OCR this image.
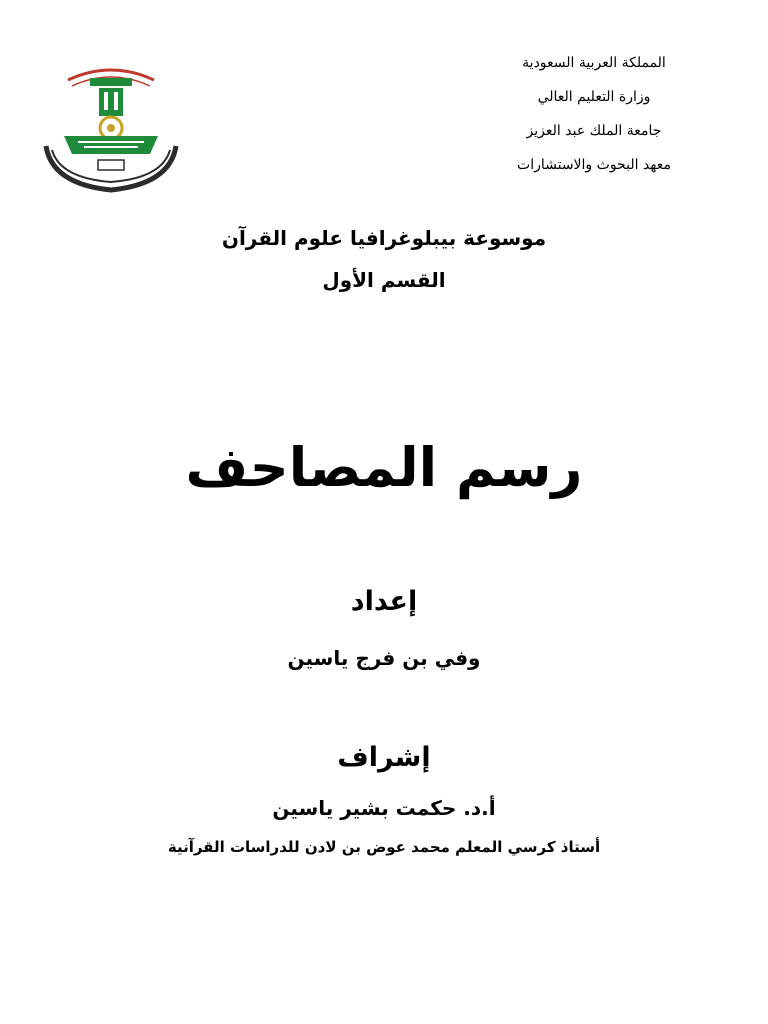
المملكة العربية السعودية
وزارة التعليم العالي
جامعة الملك عبد العزيز
معهد البحوث والاستشارات
موسوعة بيبلوغرافيا علوم القرآن
القسم الأول
رسم المصاحف
إعداد
وفي بن فرج ياسين
إشراف
أ.د. حكمت بشير ياسين
أستاذ كرسي المعلم محمد عوض بن لادن للدراسات القرآنية
